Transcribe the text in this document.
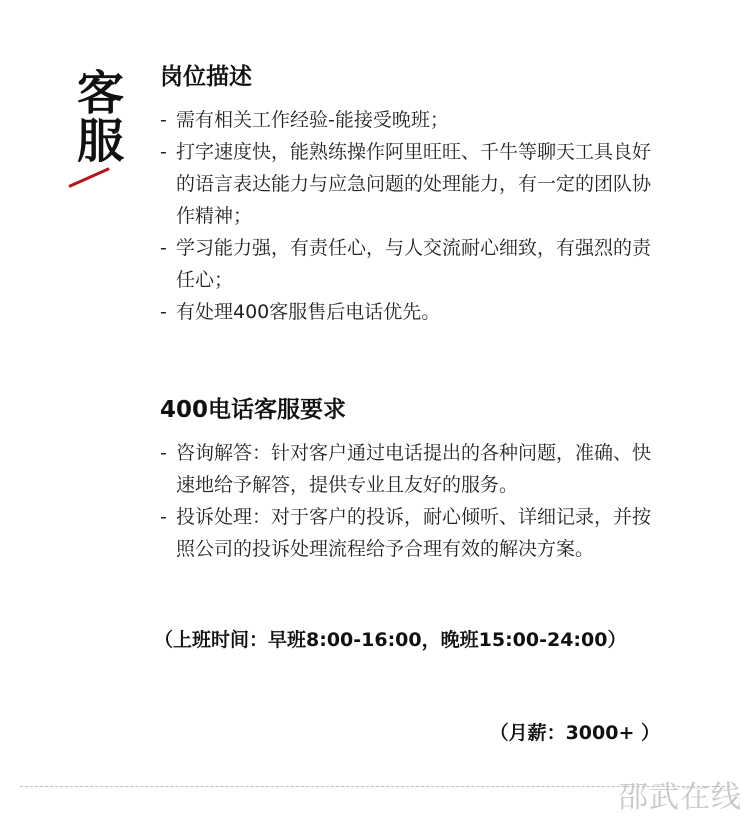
客服 岗位描述
- 需有相关工作经验-能接受晚班；
- 打字速度快，能熟练操作阿里旺旺、千牛等聊天工具良好的语言表达能力与应急问题的处理能力，有一定的团队协作精神；
- 学习能力强，有责任心，与人交流耐心细致，有强烈的责任心；
- 有处理400客服售后电话优先。
400电话客服要求
- 咨询解答：针对客户通过电话提出的各种问题，准确、快速地给予解答，提供专业且友好的服务。
- 投诉处理：对于客户的投诉，耐心倾听、详细记录，并按照公司的投诉处理流程给予合理有效的解决方案。
（上班时间：早班8:00-16:00，晚班15:00-24:00）
（月薪：3000+ ）
邵武在线
